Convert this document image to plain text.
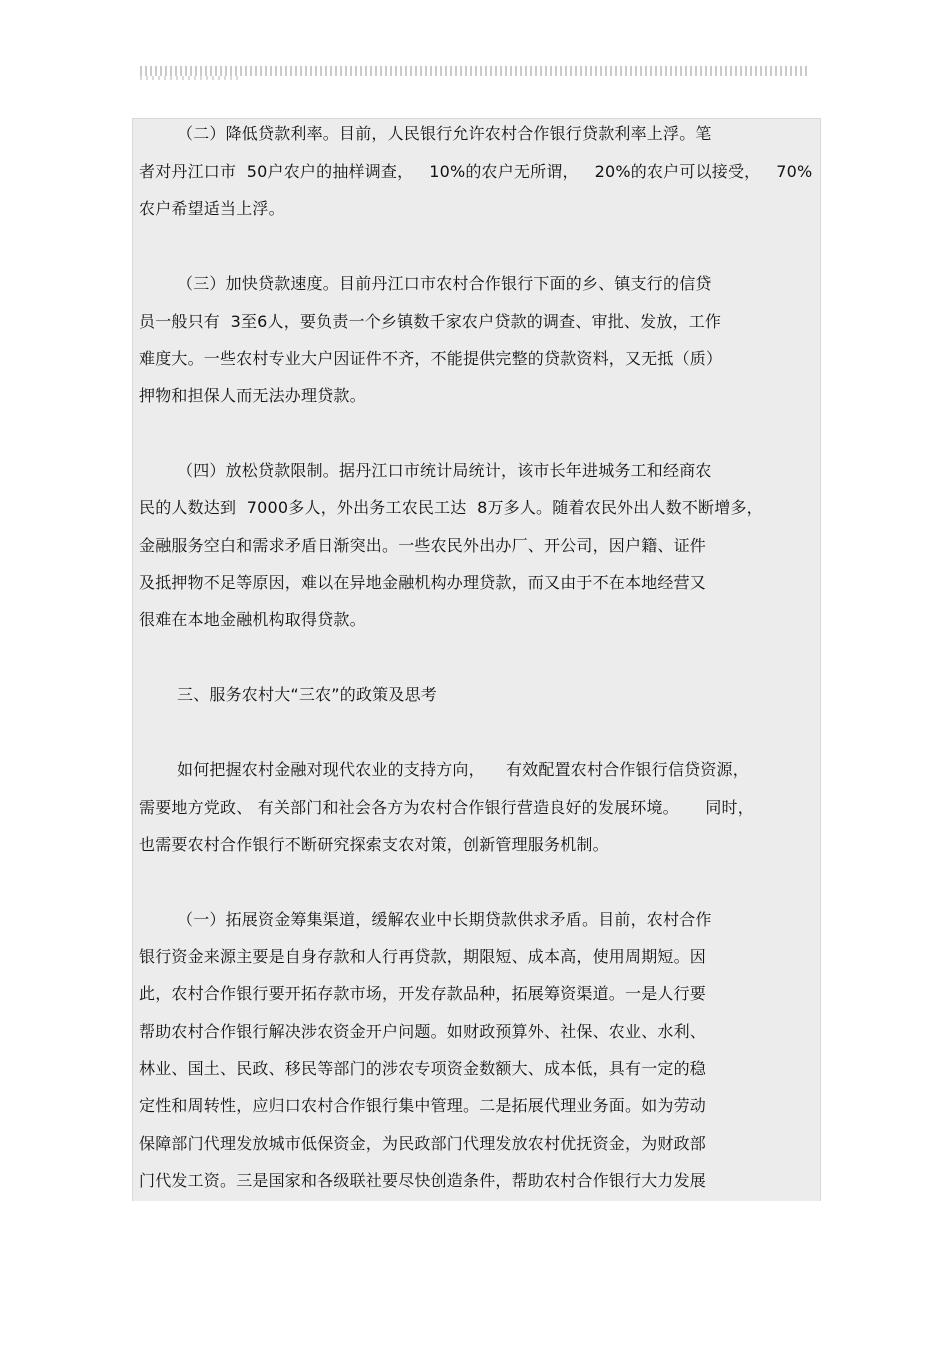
（二）降低贷款利率。目前，人民银行允许农村合作银行贷款利率上浮。笔
者对丹江口市  50户农户的抽样调查，   10%的农户无所谓，   20%的农户可以接受，   70%
农户希望适当上浮。
（三）加快贷款速度。目前丹江口市农村合作银行下面的乡、镇支行的信贷
员一般只有  3至6人，要负责一个乡镇数千家农户贷款的调查、审批、发放，工作
难度大。一些农村专业大户因证件不齐，不能提供完整的贷款资料，又无抵（质）
押物和担保人而无法办理贷款。
（四）放松贷款限制。据丹江口市统计局统计，该市长年进城务工和经商农
民的人数达到  7000多人，外出务工农民工达  8万多人。随着农民外出人数不断增多，
金融服务空白和需求矛盾日渐突出。一些农民外出办厂、开公司，因户籍、证件
及抵押物不足等原因，难以在异地金融机构办理贷款，而又由于不在本地经营又
很难在本地金融机构取得贷款。
三、服务农村大“三农”的政策及思考
如何把握农村金融对现代农业的支持方向，    有效配置农村合作银行信贷资源，
需要地方党政、 有关部门和社会各方为农村合作银行营造良好的发展环境。     同时，
也需要农村合作银行不断研究探索支农对策，创新管理服务机制。
（一）拓展资金筹集渠道，缓解农业中长期贷款供求矛盾。目前，农村合作
银行资金来源主要是自身存款和人行再贷款，期限短、成本高，使用周期短。因
此，农村合作银行要开拓存款市场，开发存款品种，拓展筹资渠道。一是人行要
帮助农村合作银行解决涉农资金开户问题。如财政预算外、社保、农业、水利、
林业、国土、民政、移民等部门的涉农专项资金数额大、成本低，具有一定的稳
定性和周转性，应归口农村合作银行集中管理。二是拓展代理业务面。如为劳动
保障部门代理发放城市低保资金，为民政部门代理发放农村优抚资金，为财政部
门代发工资。三是国家和各级联社要尽快创造条件，帮助农村合作银行大力发展
